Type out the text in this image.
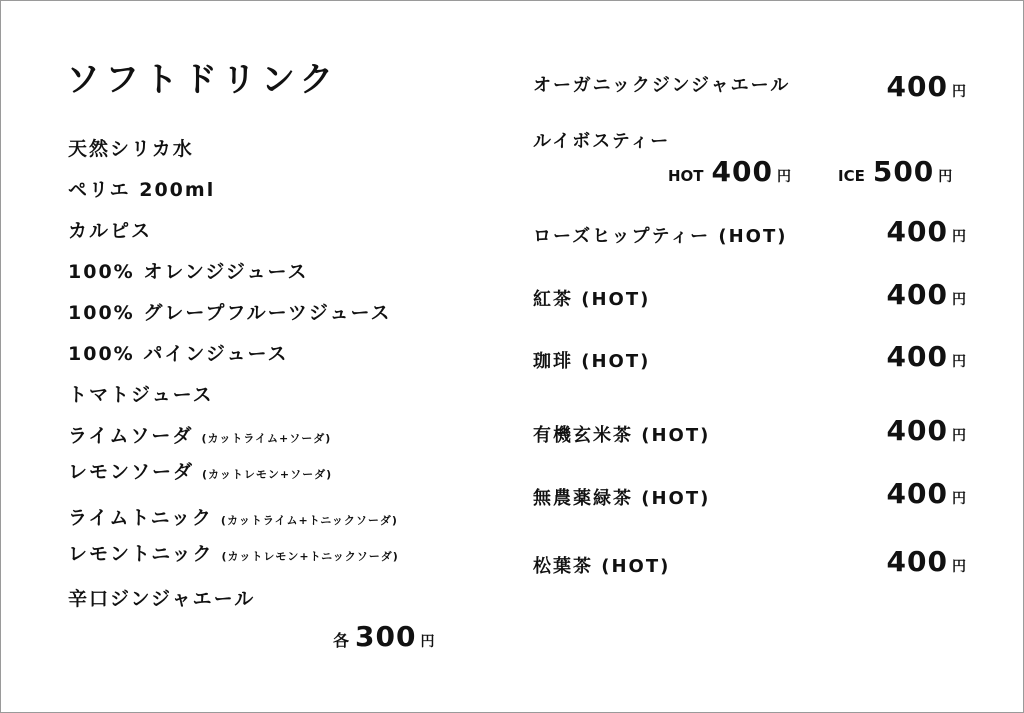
ソフトドリンク
天然シリカ水
ペリエ 200ml
カルピス
100% オレンジジュース
100% グレープフルーツジュース
100% パインジュース
トマトジュース
ライムソーダ (カットライム+ソーダ)
レモンソーダ (カットレモン+ソーダ)
ライムトニック (カットライム+トニックソーダ)
レモントニック (カットレモン+トニックソーダ)
辛口ジンジャエール
各 300 円
オーガニックジンジャエール	400 円
ルイボスティー
HOT 400 円	ICE 500 円
ローズヒップティー (HOT)	400 円
紅茶 (HOT)	400 円
珈琲 (HOT)	400 円
有機玄米茶 (HOT)	400 円
無農薬緑茶 (HOT)	400 円
松葉茶 (HOT)	400 円
